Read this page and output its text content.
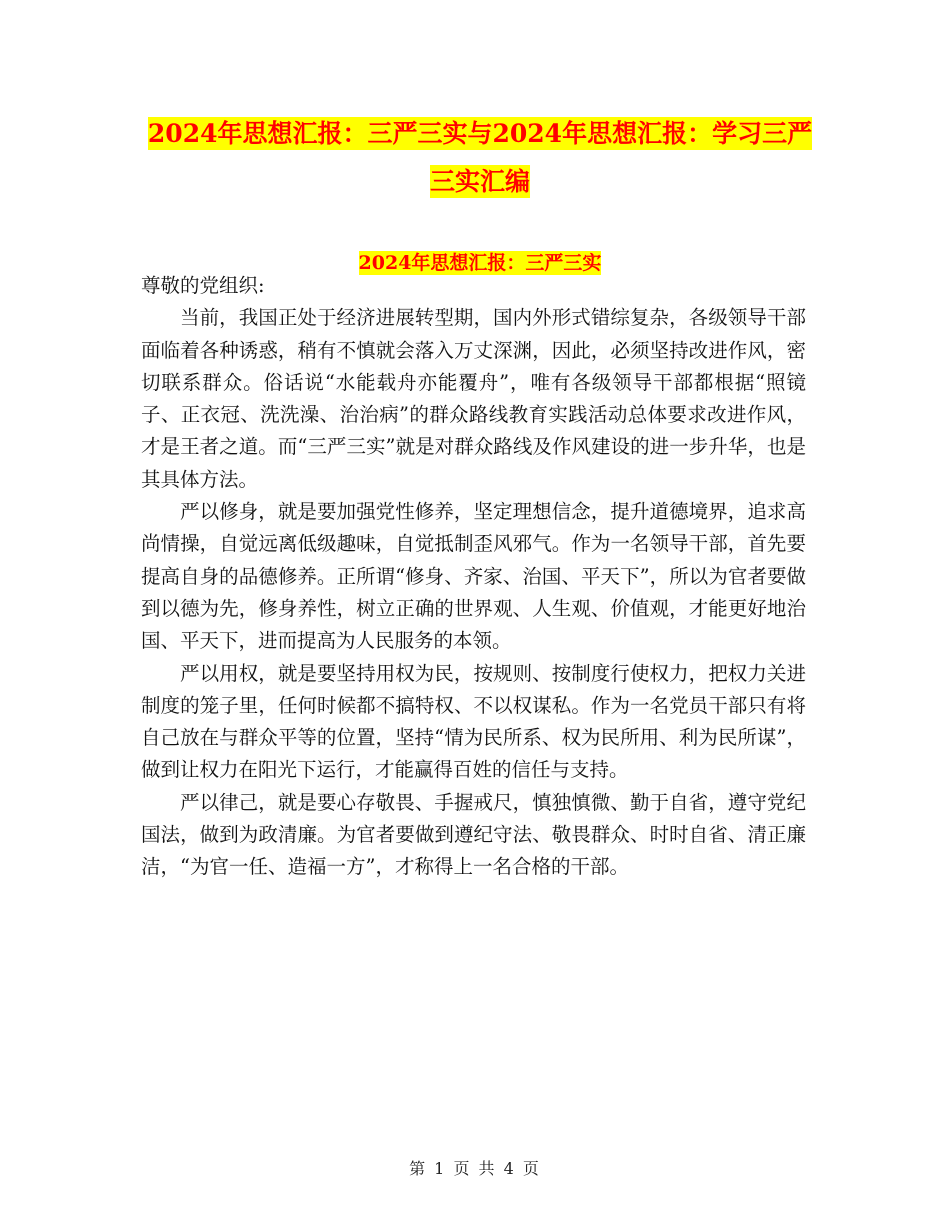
2024年思想汇报：三严三实与2024年思想汇报：学习三严三实汇编
2024年思想汇报：三严三实

尊敬的党组织:

当前，我国正处于经济进展转型期，国内外形式错综复杂，各级领导干部面临着各种诱惑，稍有不慎就会落入万丈深渊，因此，必须坚持改进作风，密切联系群众。俗话说“水能载舟亦能覆舟”，唯有各级领导干部都根据“照镜子、正衣冠、洗洗澡、治治病”的群众路线教育实践活动总体要求改进作风，才是王者之道。而“三严三实”就是对群众路线及作风建设的进一步升华，也是其具体方法。

严以修身，就是要加强党性修养，坚定理想信念，提升道德境界，追求高尚情操，自觉远离低级趣味，自觉抵制歪风邪气。作为一名领导干部，首先要提高自身的品德修养。正所谓“修身、齐家、治国、平天下”，所以为官者要做到以德为先，修身养性，树立正确的世界观、人生观、价值观，才能更好地治国、平天下，进而提高为人民服务的本领。

严以用权，就是要坚持用权为民，按规则、按制度行使权力，把权力关进制度的笼子里，任何时候都不搞特权、不以权谋私。作为一名党员干部只有将自己放在与群众平等的位置，坚持“情为民所系、权为民所用、利为民所谋”，做到让权力在阳光下运行，才能赢得百姓的信任与支持。

严以律己，就是要心存敬畏、手握戒尺，慎独慎微、勤于自省，遵守党纪国法，做到为政清廉。为官者要做到遵纪守法、敬畏群众、时时自省、清正廉洁，“为官一任、造福一方”，才称得上一名合格的干部。

第 1 页 共 4 页
